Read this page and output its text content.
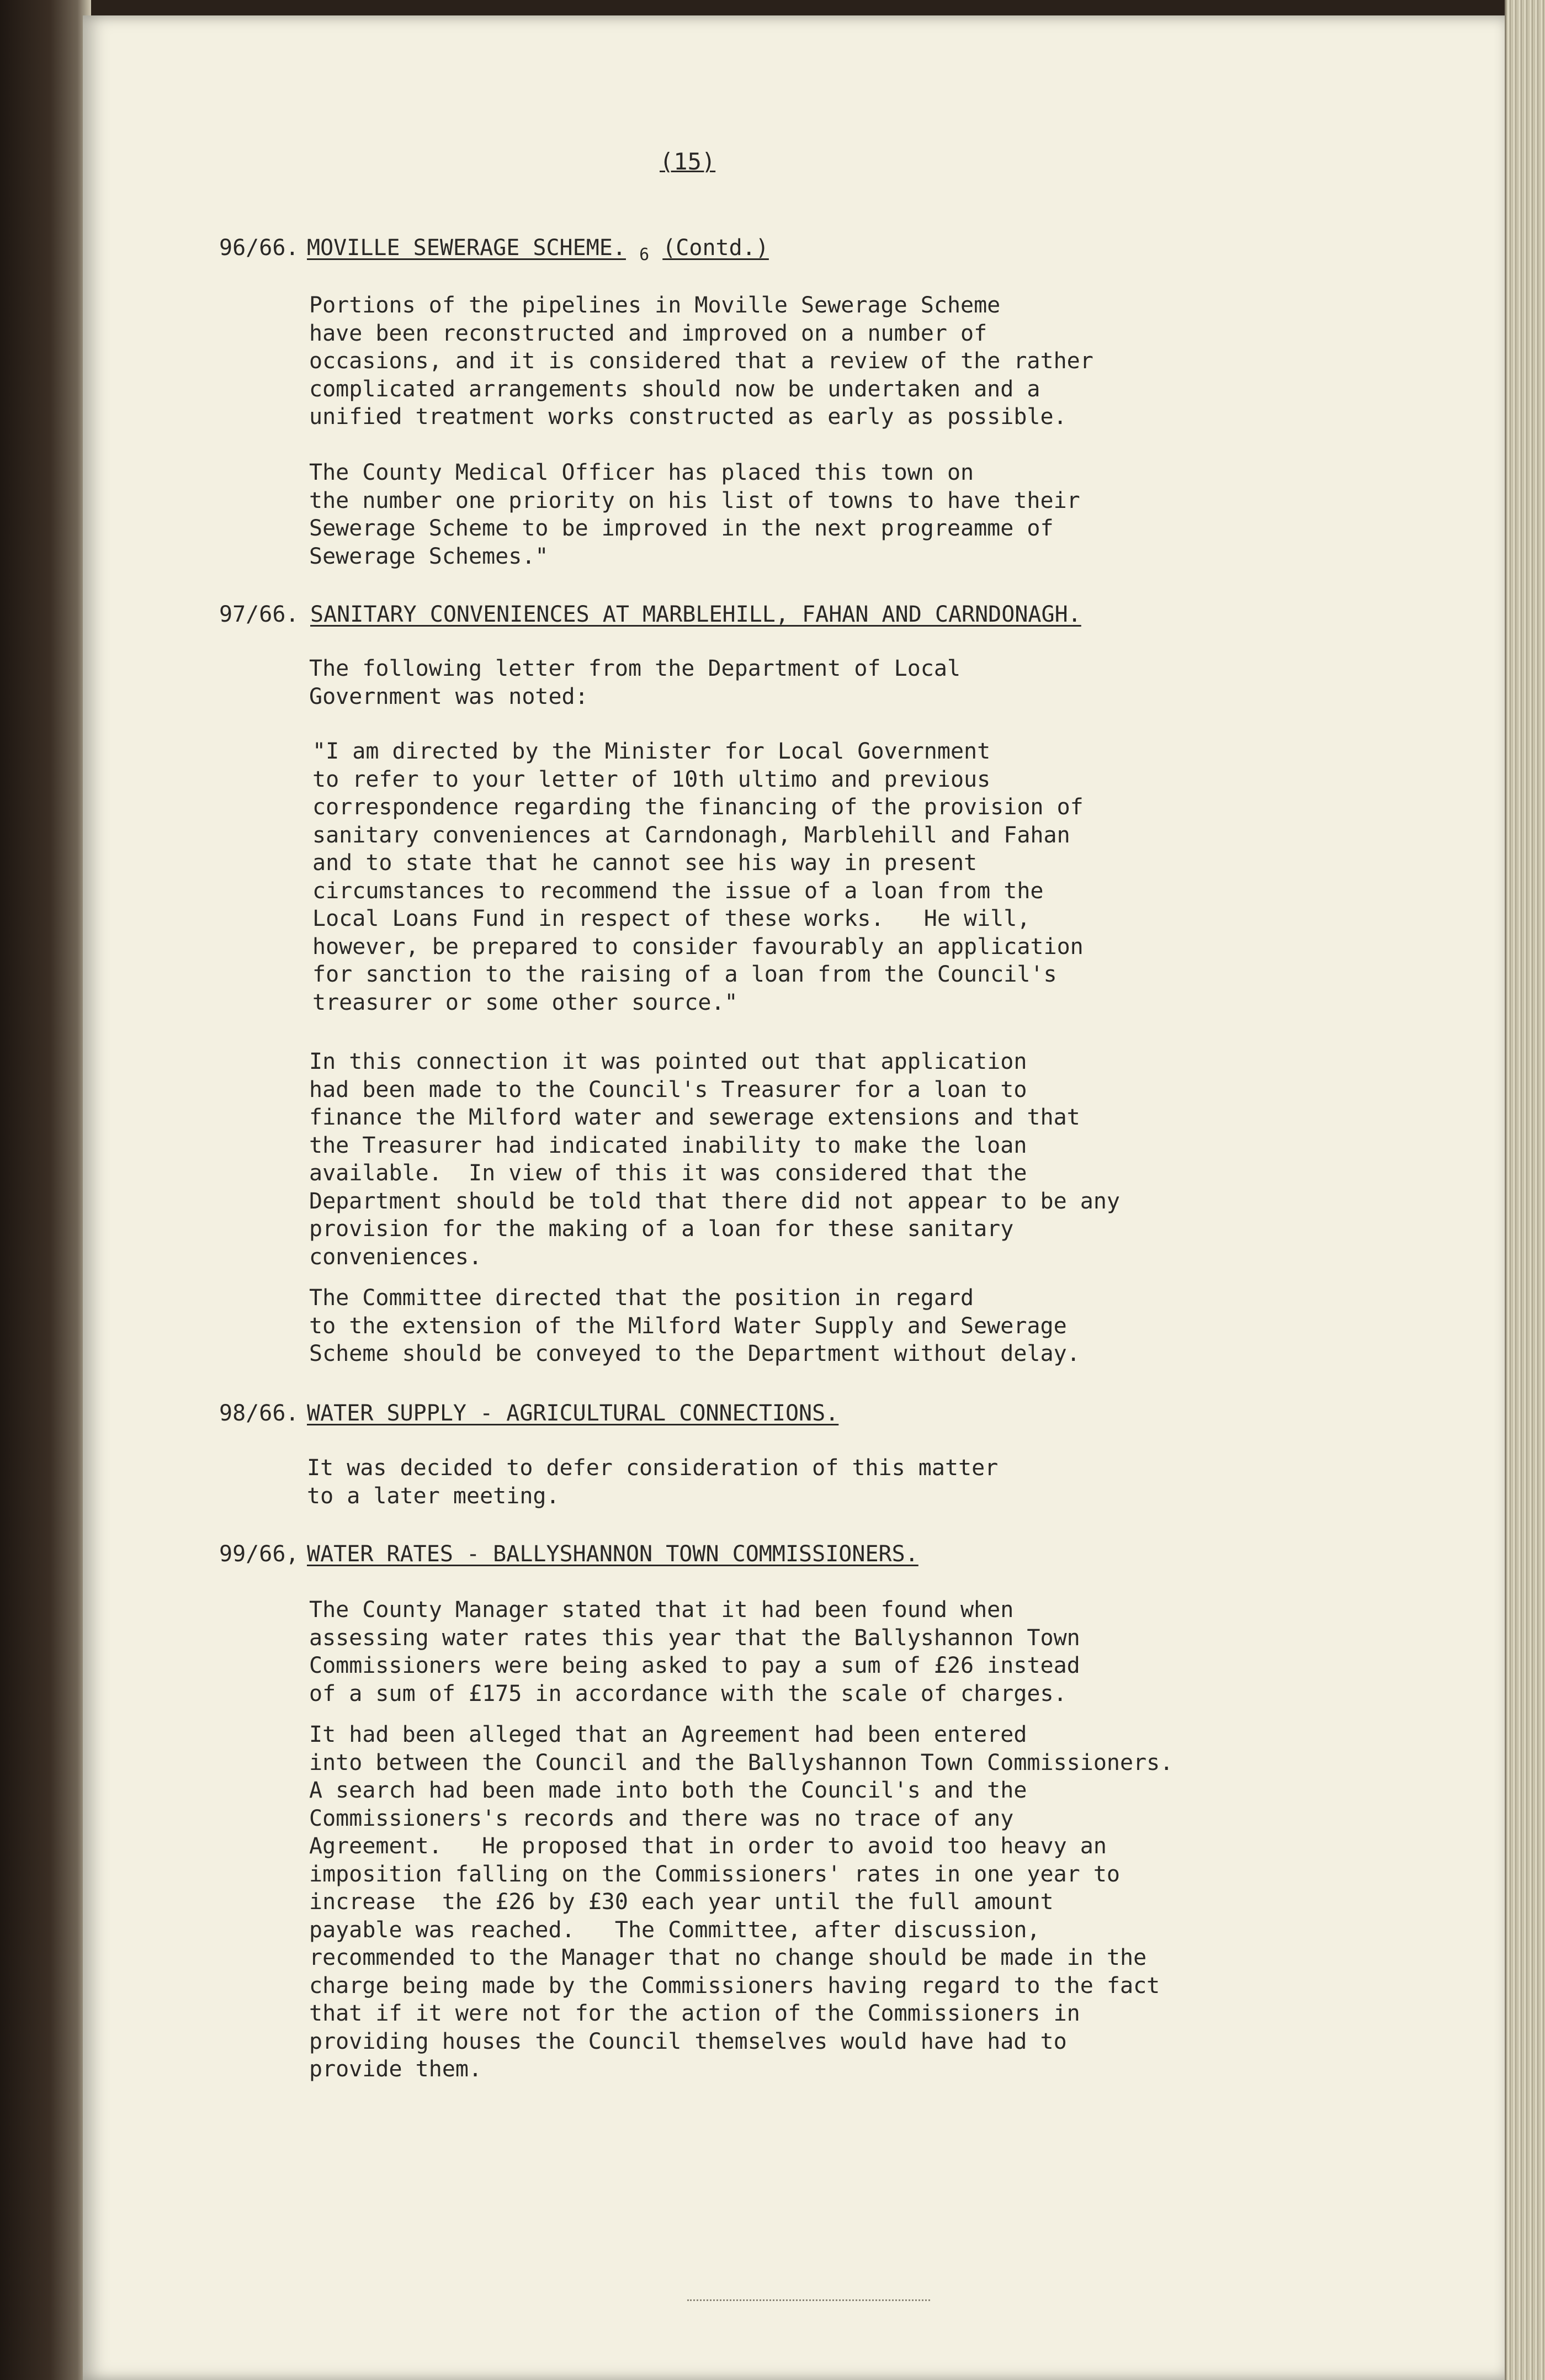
(15)
96/66. MOVILLE SEWERAGE SCHEME. $_6$ (Contd.)
Portions of the pipelines in Moville Sewerage Scheme
have been reconstructed and improved on a number of
occasions, and it is considered that a review of the rather
complicated arrangements should now be undertaken and a
unified treatment works constructed as early as possible.
The County Medical Officer has placed this town on
the number one priority on his list of towns to have their
Sewerage Scheme to be improved in the next progreamme of
Sewerage Schemes."
97/66. SANITARY CONVENIENCES AT MARBLEHILL, FAHAN AND CARNDONAGH.
The following letter from the Department of Local
Government was noted:
"I am directed by the Minister for Local Government
to refer to your letter of 10th ultimo and previous
correspondence regarding the financing of the provision of
sanitary conveniences at Carndonagh, Marblehill and Fahan
and to state that he cannot see his way in present
circumstances to recommend the issue of a loan from the
Local Loans Fund in respect of these works.   He will,
however, be prepared to consider favourably an application
for sanction to the raising of a loan from the Council's
treasurer or some other source."
In this connection it was pointed out that application
had been made to the Council's Treasurer for a loan to
finance the Milford water and sewerage extensions and that
the Treasurer had indicated inability to make the loan
available.  In view of this it was considered that the
Department should be told that there did not appear to be any
provision for the making of a loan for these sanitary
conveniences.
The Committee directed that the position in regard
to the extension of the Milford Water Supply and Sewerage
Scheme should be conveyed to the Department without delay.
98/66. WATER SUPPLY - AGRICULTURAL CONNECTIONS.
It was decided to defer consideration of this matter
to a later meeting.
99/66, WATER RATES - BALLYSHANNON TOWN COMMISSIONERS.
The County Manager stated that it had been found when
assessing water rates this year that the Ballyshannon Town
Commissioners were being asked to pay a sum of £26 instead
of a sum of £175 in accordance with the scale of charges.
It had been alleged that an Agreement had been entered
into between the Council and the Ballyshannon Town Commissioners.
A search had been made into both the Council's and the
Commissioners's records and there was no trace of any
Agreement.   He proposed that in order to avoid too heavy an
imposition falling on the Commissioners' rates in one year to
increase  the £26 by £30 each year until the full amount
payable was reached.   The Committee, after discussion,
recommended to the Manager that no change should be made in the
charge being made by the Commissioners having regard to the fact
that if it were not for the action of the Commissioners in
providing houses the Council themselves would have had to
provide them.
